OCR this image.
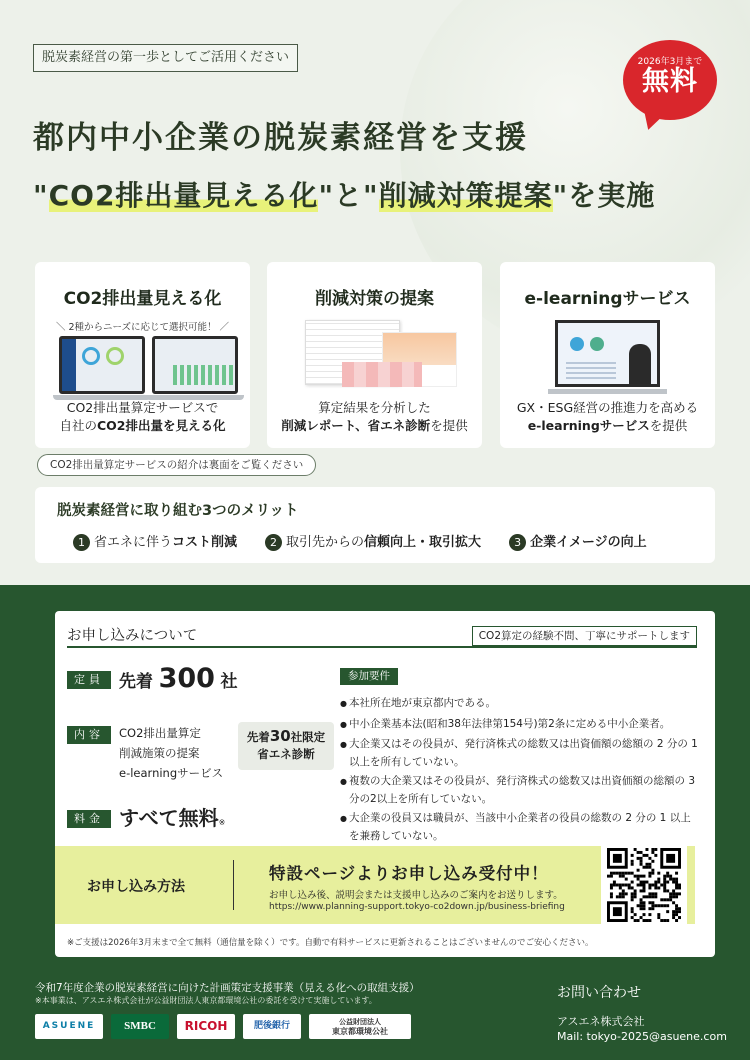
脱炭素経営の第一歩としてご活用ください	2026年3月まで
無料
都内中小企業の脱炭素経営を支援
"CO2排出量見える化"と"削減対策提案"を実施
CO2排出量見える化
＼ 2種からニーズに応じて選択可能！ ／
CO2排出量算定サービスで
自社のCO2排出量を見える化
削減対策の提案
算定結果を分析した
削減レポート、省エネ診断を提供
e-learningサービス
GX・ESG経営の推進力を高める
e-learningサービスを提供
CO2排出量算定サービスの紹介は裏面をご覧ください
脱炭素経営に取り組む3つのメリット
1 省エネに伴うコスト削減	2 取引先からの信頼向上・取引拡大	3 企業イメージの向上
お申し込みについて	CO2算定の経験不問、丁寧にサポートします
定員 先着 300 社
内容	CO2排出量算定
削減施策の提案
e-learningサービス
先着30社限定
省エネ診断
料金 すべて無料※
参加要件
● 本社所在地が東京都内である。
● 中小企業基本法(昭和38年法律第154号)第2条に定める中小企業者。
● 大企業又はその役員が、発行済株式の総数又は出資価額の総額の 2 分の 1 以上を所有していない。
● 複数の大企業又はその役員が、発行済株式の総数又は出資価額の総額の 3分の2以上を所有していない。
● 大企業の役員又は職員が、当該中小企業者の役員の総数の 2 分の 1 以上を兼務していない。
お申し込み方法
特設ページよりお申し込み受付中！
お申し込み後、説明会または支援申し込みのご案内をお送りします。
https://www.planning-support.tokyo-co2down.jp/business-briefing
※ご支援は2026年3月末まで全て無料（通信量を除く）です。自動で有料サービスに更新されることはございませんのでご安心ください。
令和7年度企業の脱炭素経営に向けた計画策定支援事業（見える化への取組支援）
※本事業は、アスエネ株式会社が公益財団法人東京都環境公社の委託を受けて実施しています。
ASUENE	SMBC	RICOH	肥後銀行	公益財団法人
東京都環境公社
お問い合わせ
アスエネ株式会社
Mail: tokyo-2025@asuene.com
